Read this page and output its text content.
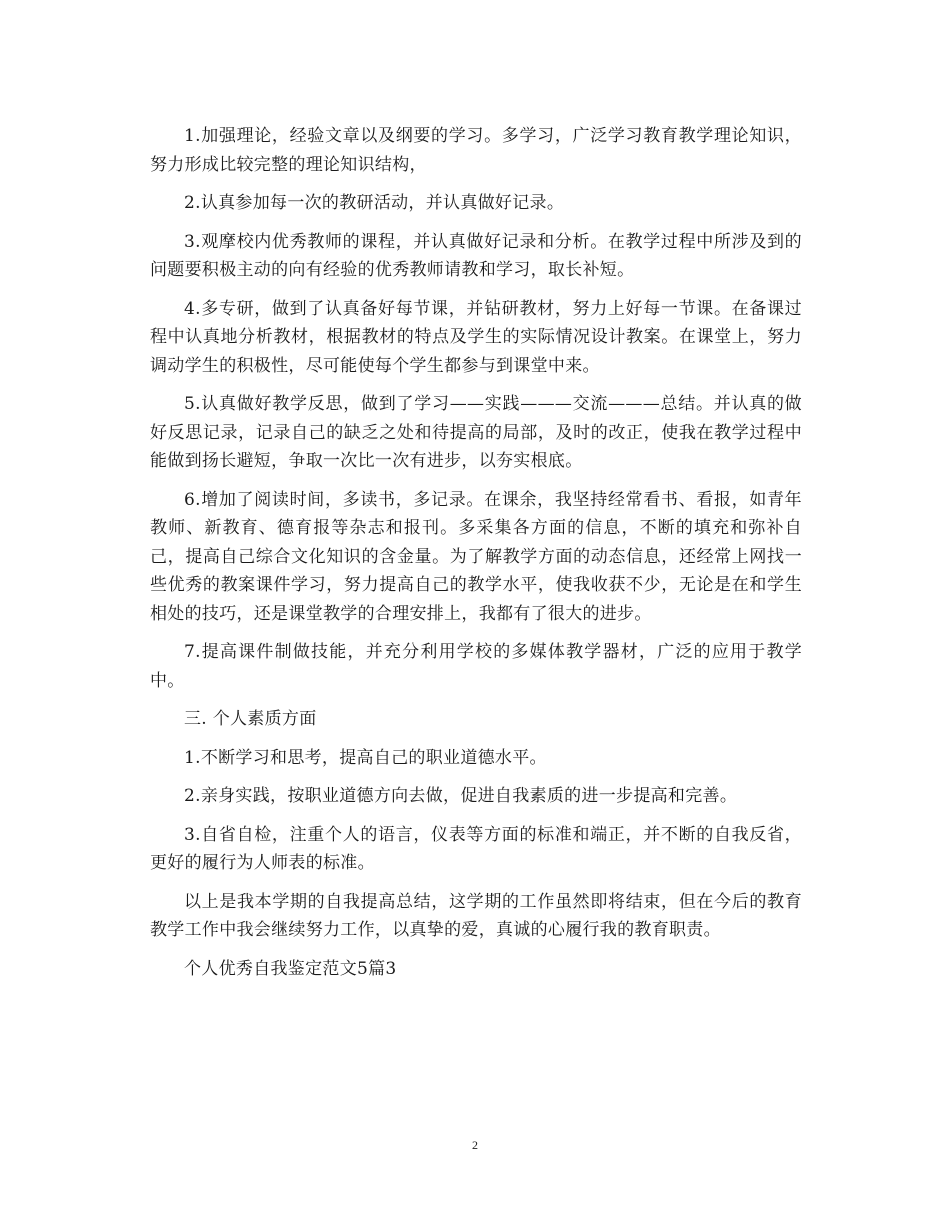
1.加强理论，经验文章以及纲要的学习。多学习，广泛学习教育教学理论知识，努力形成比较完整的理论知识结构，

2.认真参加每一次的教研活动，并认真做好记录。

3.观摩校内优秀教师的课程，并认真做好记录和分析。在教学过程中所涉及到的问题要积极主动的向有经验的优秀教师请教和学习，取长补短。

4.多专研，做到了认真备好每节课，并钻研教材，努力上好每一节课。在备课过程中认真地分析教材，根据教材的特点及学生的实际情况设计教案。在课堂上，努力调动学生的积极性，尽可能使每个学生都参与到课堂中来。

5.认真做好教学反思，做到了学习——实践———交流———总结。并认真的做好反思记录，记录自己的缺乏之处和待提高的局部，及时的改正，使我在教学过程中能做到扬长避短，争取一次比一次有进步，以夯实根底。

6.增加了阅读时间，多读书，多记录。在课余，我坚持经常看书、看报，如青年教师、新教育、德育报等杂志和报刊。多采集各方面的信息，不断的填充和弥补自己，提高自己综合文化知识的含金量。为了解教学方面的动态信息，还经常上网找一些优秀的教案课件学习，努力提高自己的教学水平，使我收获不少，无论是在和学生相处的技巧，还是课堂教学的合理安排上，我都有了很大的进步。

7.提高课件制做技能，并充分利用学校的多媒体教学器材，广泛的应用于教学中。

三. 个人素质方面

1.不断学习和思考，提高自己的职业道德水平。

2.亲身实践，按职业道德方向去做，促进自我素质的进一步提高和完善。

3.自省自检，注重个人的语言，仪表等方面的标准和端正，并不断的自我反省，更好的履行为人师表的标准。

以上是我本学期的自我提高总结，这学期的工作虽然即将结束，但在今后的教育教学工作中我会继续努力工作，以真挚的爱，真诚的心履行我的教育职责。

个人优秀自我鉴定范文5篇3

2
